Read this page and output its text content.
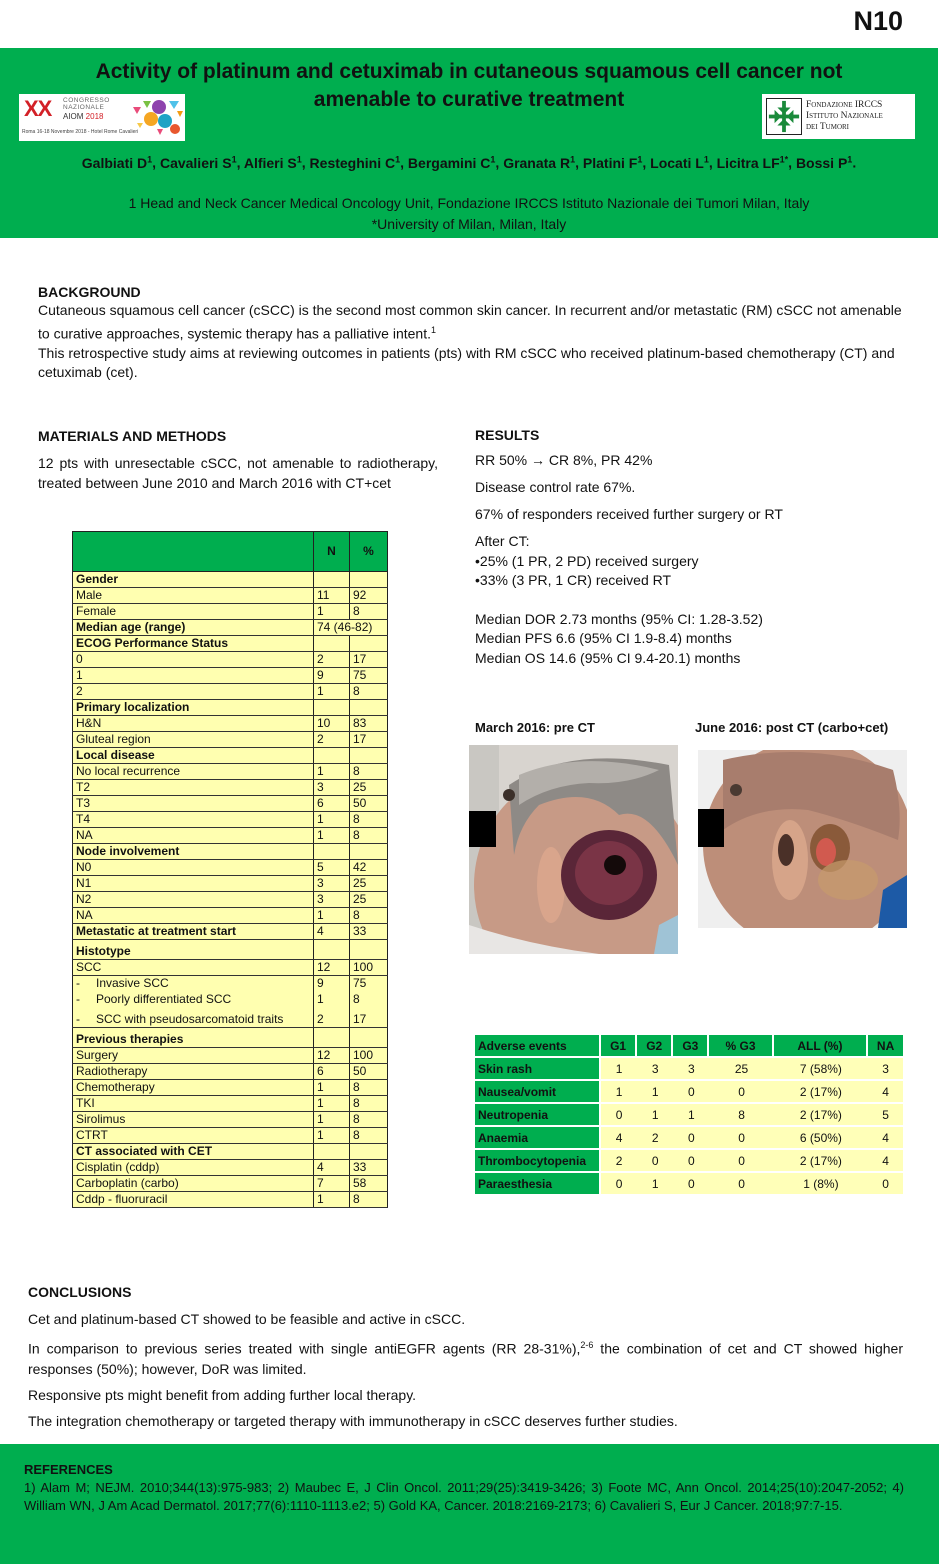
N10
Activity of platinum and cetuximab in cutaneous squamous cell cancer not
amenable to curative treatment
XX CONGRESSO
NAZIONALE
AIOM 2018
Roma 16-18 Novembre 2018 - Hotel Rome Cavalieri
Fondazione IRCCS
Istituto Nazionale
dei Tumori
Galbiati $D^1$, Cavalieri $S^1$, Alfieri $S^1$, Resteghini $C^1$, Bergamini $C^1$, Granata $R^1$, Platini $F^1$, Locati $L^1$, Licitra $LF^{1*}$, Bossi $P^1$.
1 Head and Neck Cancer Medical Oncology Unit, Fondazione IRCCS Istituto Nazionale dei Tumori Milan, Italy
*University of Milan, Milan, Italy
BACKGROUND
Cutaneous squamous cell cancer (cSCC) is the second most common skin cancer. In recurrent and/or metastatic (RM) cSCC not amenable to curative approaches, systemic therapy has a palliative intent.$^1$
This retrospective study aims at reviewing outcomes in patients (pts) with RM cSCC who received platinum-based chemotherapy (CT) and cetuximab (cet).
MATERIALS AND METHODS
12 pts with unresectable cSCC, not amenable to radiotherapy, treated between June 2010 and March 2016 with CT+cet
	N	%
Gender		
Male	11	92
Female	1	8
Median age (range)	74 (46-82)	
ECOG Performance Status		
0	2	17
1	9	75
2	1	8
Primary localization		
H&N	10	83
Gluteal region	2	17
Local disease		
No local recurrence	1	8
T2	3	25
T3	6	50
T4	1	8
NA	1	8
Node involvement		
N0	5	42
N1	3	25
N2	3	25
NA	1	8
Metastatic at treatment start	4	33
Histotype		
SCC	12	100
- Invasive SCC	9	75
- Poorly differentiated SCC	1	8
- SCC with pseudosarcomatoid traits	2	17
Previous therapies		
Surgery	12	100
Radiotherapy	6	50
Chemotherapy	1	8
TKI	1	8
Sirolimus	1	8
CTRT	1	8
CT associated with CET		
Cisplatin (cddp)	4	33
Carboplatin (carbo)	7	58
Cddp - fluoruracil	1	8
RESULTS

RR 50% → CR 8%, PR 42%

Disease control rate 67%.

67% of responders received further surgery or RT

After CT:
•25% (1 PR, 2 PD) received surgery
•33% (3 PR, 1 CR) received RT
Median DOR 2.73 months (95% CI: 1.28-3.52)
Median PFS 6.6 (95% CI 1.9-8.4) months
Median OS 14.6 (95% CI 9.4-20.1) months
March 2016: pre CT	June 2016: post CT (carbo+cet)
Adverse events	G1	G2	G3	% G3	ALL (%)	NA
Skin rash	1	3	3	25	7 (58%)	3
Nausea/vomit	1	1	0	0	2 (17%)	4
Neutropenia	0	1	1	8	2 (17%)	5
Anaemia	4	2	0	0	6 (50%)	4
Thrombocytopenia	2	0	0	0	2 (17%)	4
Paraesthesia	0	1	0	0	1 (8%)	0
CONCLUSIONS

Cet and platinum-based CT showed to be feasible and active in cSCC.

In comparison to previous series treated with single antiEGFR agents (RR 28-31%),$^{2-6}$ the combination of cet and CT showed higher responses (50%); however, DoR was limited.

Responsive pts might benefit from adding further local therapy.

The integration chemotherapy or targeted therapy with immunotherapy in cSCC deserves further studies.

REFERENCES
1) Alam M; NEJM. 2010;344(13):975-983; 2) Maubec E, J Clin Oncol. 2011;29(25):3419-3426; 3) Foote MC, Ann Oncol. 2014;25(10):2047-2052; 4) William WN, J Am Acad Dermatol. 2017;77(6):1110-1113.e2; 5) Gold KA, Cancer. 2018:2169-2173; 6) Cavalieri S, Eur J Cancer. 2018;97:7-15.
